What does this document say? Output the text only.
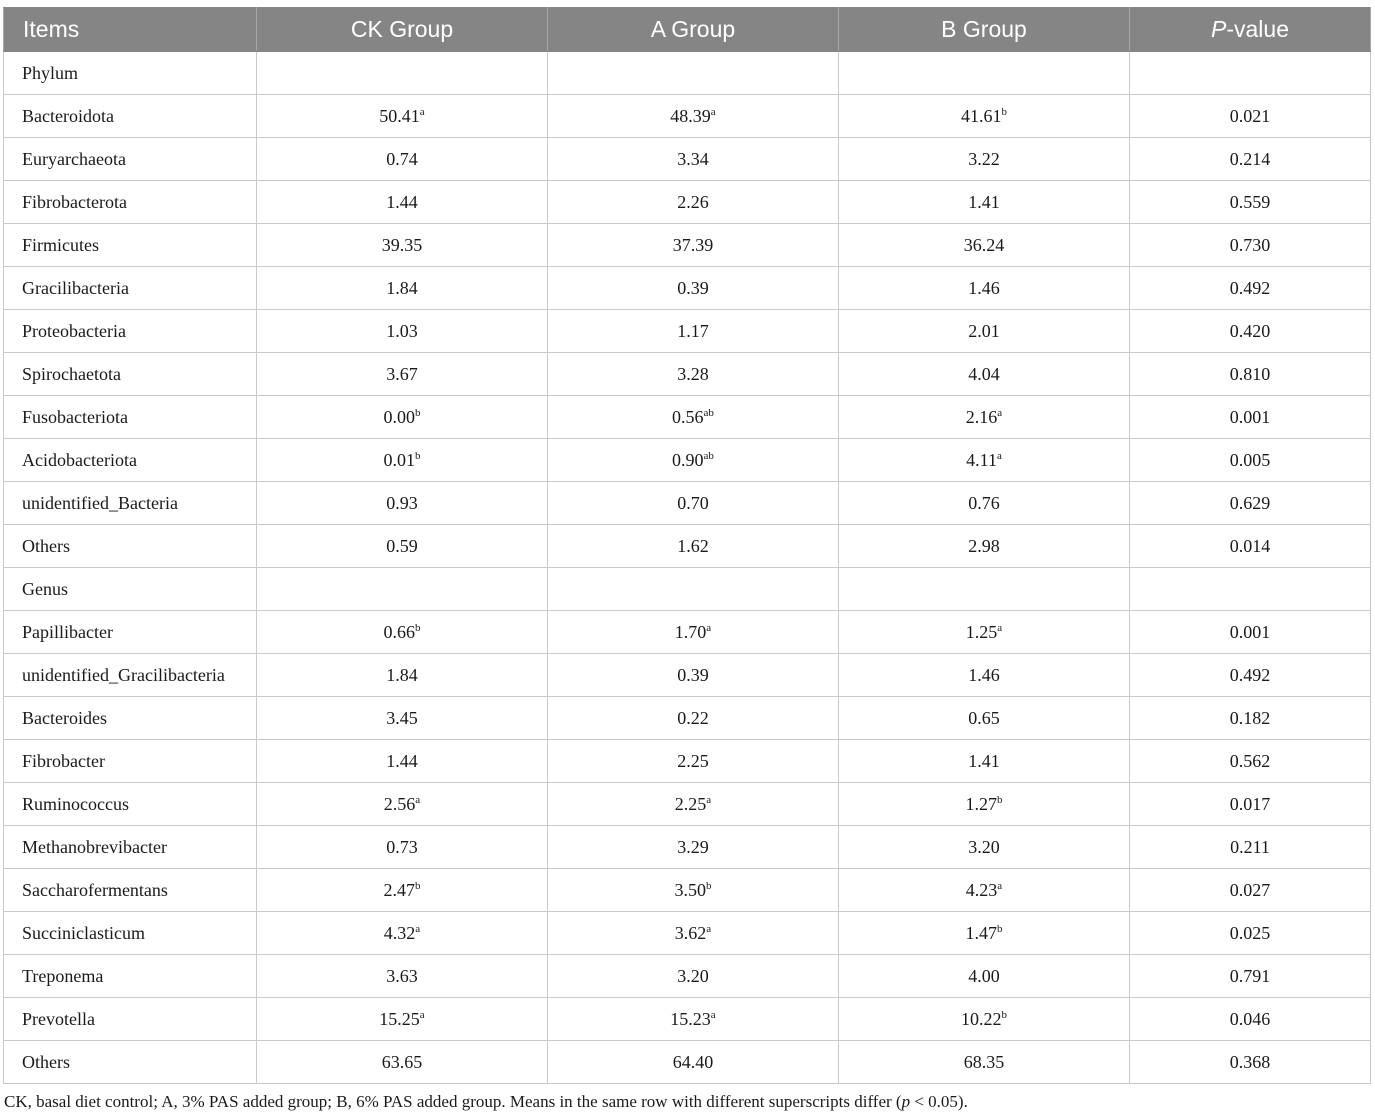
Items	CK Group	A Group	B Group	P-value
Phylum				
Bacteroidota	50.41$^a$	48.39$^a$	41.61$^b$	0.021
Euryarchaeota	0.74	3.34	3.22	0.214
Fibrobacterota	1.44	2.26	1.41	0.559
Firmicutes	39.35	37.39	36.24	0.730
Gracilibacteria	1.84	0.39	1.46	0.492
Proteobacteria	1.03	1.17	2.01	0.420
Spirochaetota	3.67	3.28	4.04	0.810
Fusobacteriota	0.00$^b$	0.56$^{ab}$	2.16$^a$	0.001
Acidobacteriota	0.01$^b$	0.90$^{ab}$	4.11$^a$	0.005
unidentified_Bacteria	0.93	0.70	0.76	0.629
Others	0.59	1.62	2.98	0.014
Genus				
Papillibacter	0.66$^b$	1.70$^a$	1.25$^a$	0.001
unidentified_Gracilibacteria	1.84	0.39	1.46	0.492
Bacteroides	3.45	0.22	0.65	0.182
Fibrobacter	1.44	2.25	1.41	0.562
Ruminococcus	2.56$^a$	2.25$^a$	1.27$^b$	0.017
Methanobrevibacter	0.73	3.29	3.20	0.211
Saccharofermentans	2.47$^b$	3.50$^b$	4.23$^a$	0.027
Succiniclasticum	4.32$^a$	3.62$^a$	1.47$^b$	0.025
Treponema	3.63	3.20	4.00	0.791
Prevotella	15.25$^a$	15.23$^a$	10.22$^b$	0.046
Others	63.65	64.40	68.35	0.368
CK, basal diet control; A, 3% PAS added group; B, 6% PAS added group. Means in the same row with different superscripts differ (p < 0.05).
